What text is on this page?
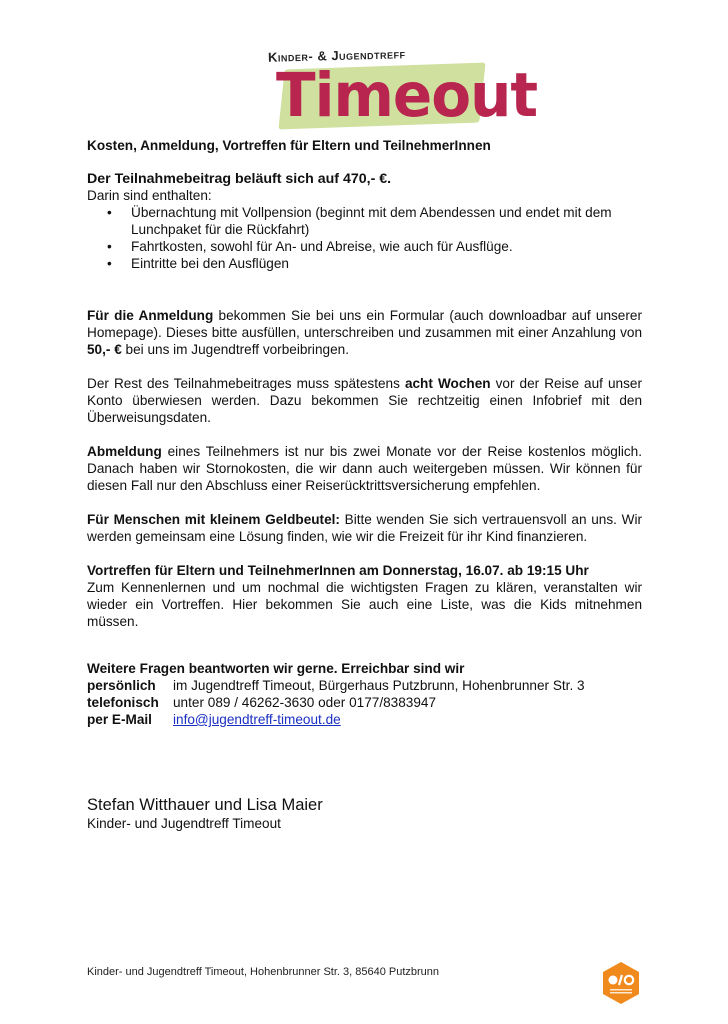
Kinder- & Jugendtreff
Timeout
Kosten, Anmeldung, Vortreffen für Eltern und TeilnehmerInnen
Der Teilnahmebeitrag beläuft sich auf 470,- €.
Darin sind enthalten:
• Übernachtung mit Vollpension (beginnt mit dem Abendessen und endet mit dem Lunchpaket für die Rückfahrt)
• Fahrtkosten, sowohl für An- und Abreise, wie auch für Ausflüge.
• Eintritte bei den Ausflügen
Für die Anmeldung bekommen Sie bei uns ein Formular (auch downloadbar auf unserer Homepage). Dieses bitte ausfüllen, unterschreiben und zusammen mit einer Anzahlung von 50,- € bei uns im Jugendtreff vorbeibringen.
Der Rest des Teilnahmebeitrages muss spätestens acht Wochen vor der Reise auf unser Konto überwiesen werden. Dazu bekommen Sie rechtzeitig einen Infobrief mit den Überweisungsdaten.
Abmeldung eines Teilnehmers ist nur bis zwei Monate vor der Reise kostenlos möglich. Danach haben wir Stornokosten, die wir dann auch weitergeben müssen. Wir können für diesen Fall nur den Abschluss einer Reiserücktrittsversicherung empfehlen.
Für Menschen mit kleinem Geldbeutel: Bitte wenden Sie sich vertrauensvoll an uns. Wir werden gemeinsam eine Lösung finden, wie wir die Freizeit für ihr Kind finanzieren.
Vortreffen für Eltern und TeilnehmerInnen am Donnerstag, 16.07. ab 19:15 Uhr
Zum Kennenlernen und um nochmal die wichtigsten Fragen zu klären, veranstalten wir wieder ein Vortreffen. Hier bekommen Sie auch eine Liste, was die Kids mitnehmen müssen.
Weitere Fragen beantworten wir gerne. Erreichbar sind wir
persönlich	im Jugendtreff Timeout, Bürgerhaus Putzbrunn, Hohenbrunner Str. 3
telefonisch	unter 089 / 46262-3630 oder 0177/8383947
per E-Mail	info@jugendtreff-timeout.de
Stefan Witthauer und Lisa Maier
Kinder- und Jugendtreff Timeout
Kinder- und Jugendtreff Timeout, Hohenbrunner Str. 3, 85640 Putzbrunn
